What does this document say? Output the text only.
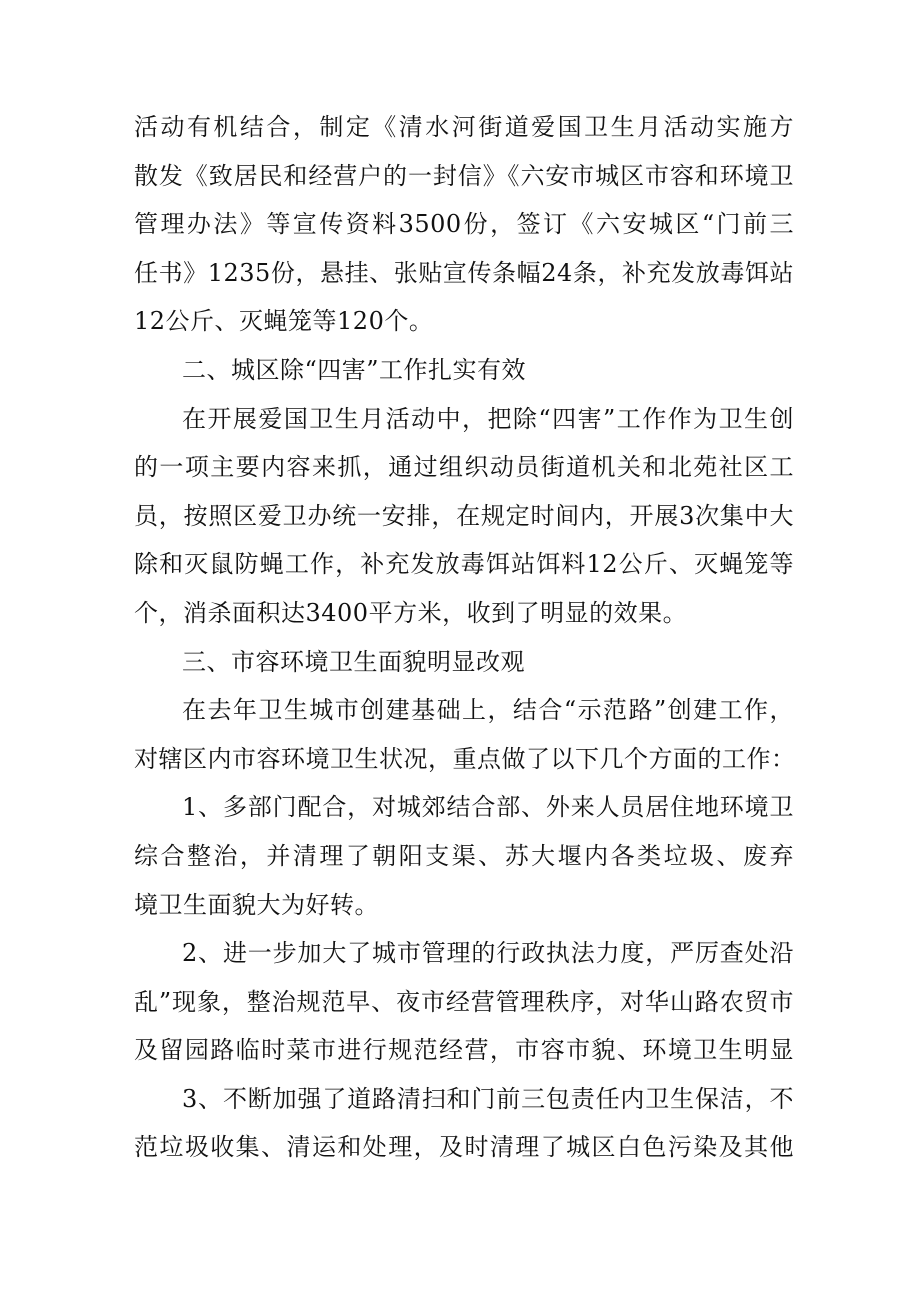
活动有机结合，制定《清水河街道爱国卫生月活动实施方
散发《致居民和经营户的一封信》《六安市城区市容和环境卫
管理办法》等宣传资料3500份，签订《六安城区“门前三
任书》1235份，悬挂、张贴宣传条幅24条，补充发放毒饵站
12公斤、灭蝇笼等120个。
二、城区除“四害”工作扎实有效
在开展爱国卫生月活动中，把除“四害”工作作为卫生创
的一项主要内容来抓，通过组织动员街道机关和北苑社区工
员，按照区爱卫办统一安排，在规定时间内，开展3次集中大
除和灭鼠防蝇工作，补充发放毒饵站饵料12公斤、灭蝇笼等
个，消杀面积达3400平方米，收到了明显的效果。
三、市容环境卫生面貌明显改观
在去年卫生城市创建基础上，结合“示范路”创建工作，
对辖区内市容环境卫生状况，重点做了以下几个方面的工作：
1、多部门配合，对城郊结合部、外来人员居住地环境卫
综合整治，并清理了朝阳支渠、苏大堰内各类垃圾、废弃
境卫生面貌大为好转。
2、进一步加大了城市管理的行政执法力度，严厉查处沿
乱”现象，整治规范早、夜市经营管理秩序，对华山路农贸市
及留园路临时菜市进行规范经营，市容市貌、环境卫生明显
3、不断加强了道路清扫和门前三包责任内卫生保洁，不
范垃圾收集、清运和处理，及时清理了城区白色污染及其他
